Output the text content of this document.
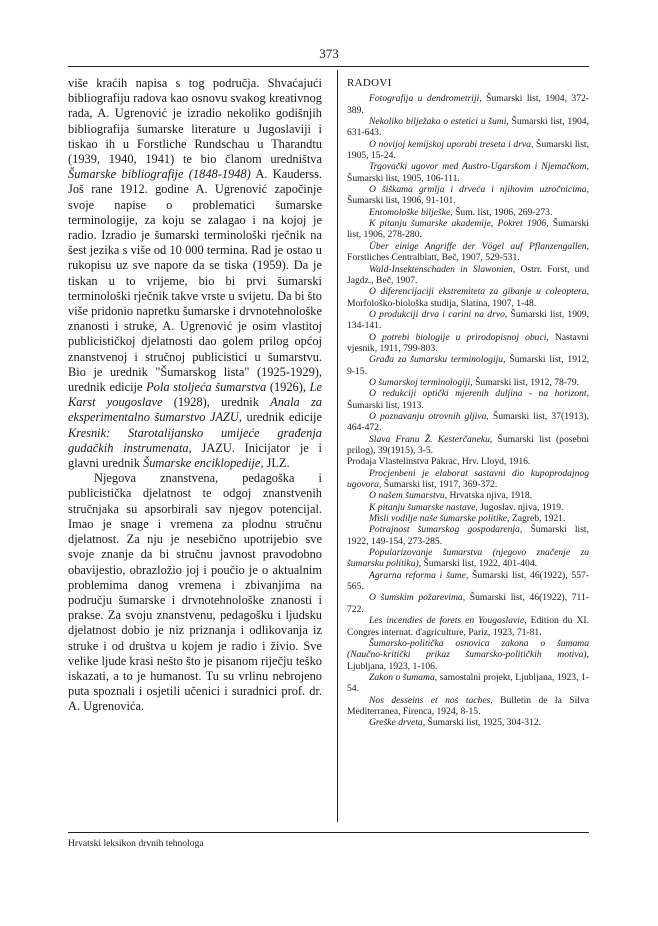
373

više kraćih napisa s tog područja. Shvaćajući bibliografiju radova kao osnovu svakog kreativnog rada, A. Ugrenović je izradio nekoliko godišnjih bibliografija šumarske literature u Jugoslaviji i tiskao ih u Forstliche Rundschau u Tharandtu (1939, 1940, 1941) te bio članom uredništva Šumarske bibliografije (1848-1948) A. Kauderss. Još rane 1912. godine A. Ugrenović započinje svoje napise o problematici šumarske terminologije, za koju se zalagao i na kojoj je radio. Izradio je šumarski terminološki rječnik na šest jezika s više od 10 000 termina. Rad je ostao u rukopisu uz sve napore da se tiska (1959). Da je tiskan u to vrijeme, bio bi prvi šumarski terminološki rječnik takve vrste u svijetu. Da bi što više pridonio napretku šumarske i drvnotehnološke znanosti i struke, A. Ugrenović je osim vlastitoj publicističkoj djelatnosti dao golem prilog općoj znanstvenoj i stručnoj publicistici u šumarstvu. Bio je urednik "Šumarskog lista" (1925-1929), urednik edicije Pola stoljeća šumarstva (1926), Le Karst yougoslave (1928), urednik Anala za eksperimentalno šumarstvo JAZU, urednik edicije Kresnik: Starotalijansko umijeće građenja gudačkih instrumenata, JAZU. Inicijator je i glavni urednik Šumarske enciklopedije, JLZ.

Njegova znanstvena, pedagoška i publicistička djelatnost te odgoj znanstvenih stručnjaka su apsorbirali sav njegov potencijal. Imao je snage i vremena za plodnu stručnu djelatnost. Za nju je nesebično upotrijebio sve svoje znanje da bi stručnu javnost pravodobno obavijestio, obrazložio joj i poučio je o aktualnim problemima danog vremena i zbivanjima na području šumarske i drvnotehnološke znanosti i prakse. Za svoju znanstvenu, pedagošku i ljudsku djelatnost dobio je niz priznanja i odlikovanja iz struke i od društva u kojem je radio i živio. Sve velike ljude krasi nešto što je pisanom riječju teško iskazati, a to je humanost. Tu su vrlinu nebrojeno puta spoznali i osjetili učenici i suradnici prof. dr. A. Ugrenovića.

RADOVI
Fotografija u dendrometriji, Šumarski list, 1904, 372-389.
Nekoliko bilježaka o estetici u šumi, Šumarski list, 1904, 631-643.
O novijoj kemijskoj uporabi treseta i drva, Šumarski list, 1905, 15-24.
Trgovački ugovor med Austro-Ugarskom i Njemačkom, Šumarski list, 1905, 106-111.
O šiškama grmlja i drveća i njihovim uzročnicima, Šumarski list, 1906, 91-101.
Entomološke bilješke, Šum. list, 1906, 269-273.
K pitanju šumarske akademije, Pokret 1906, Šumarski list, 1906, 278-280.
Über einige Angriffe der Vögel auf Pflanzengallen, Forstliches Centralblatt, Beč, 1907, 529-531.
Wald-Insektenschaden in Slawonien, Ostrr. Forst, und Jagdz., Beč, 1907.
O diferencijaciji ekstremiteta za gibanje u coleoptera, Morfološko-biološka studija, Slatina, 1907, 1-48.
O produkciji drva i carini na drvo, Šumarski list, 1909, 134-141.
O potrebi biologije u prirodopisnoj obuci, Nastavni vjesnik, 1911, 799-803.
Građa za šumarsku terminologiju, Šumarski list, 1912, 9-15.
O šumarskoj terminologiji, Šumarski list, 1912, 78-79.
O redukciji optički mjerenih duljina - na horizont, Šumarski list, 1913.
O poznavanju otrovnih gljiva, Šumarski list, 37(1913), 464-472.
Slava Franu Ž. Kesterčaneku, Šumarski list (posebni prilog), 39(1915), 3-5.
Prodaja Vlastelinstva Pakrac, Hrv. Lloyd, 1916.
Procjenbeni je elaborat sastavni dio kupoprodajnog ugovora, Šumarski list, 1917, 369-372.
O našem šumarstvu, Hrvatska njiva, 1918.
K pitanju šumarske nastave, Jugoslav. njiva, 1919.
Misli vodilje naše šumarske politike, Zagreb, 1921.
Potrajnost šumarskog gospodarenja, Šumarski list, 1922, 149-154, 273-285.
Popularizovanje šumarstva (njegovo značenje za šumarsku politiku), Šumarski list, 1922, 401-404.
Agrarna reforma i šume, Šumarski list, 46(1922), 557-565.
O šumskim požarevima, Šumarski list, 46(1922), 711-722.
Les incendies de forets en Yougoslavie, Edition du XI. Congres internat. d'agriculture, Pariz, 1923, 71-81.
Šumarsko-politička osnovica zakona o šumama (Naučno-kritički prikaz šumarsko-političkih motiva), Ljubljana, 1923, 1-106.
Zakon o šumama, samostalni projekt, Ljubljana, 1923, 1-54.
Nos desseins et nos taches, Bulletin de la Silva Mediterranea, Firenca, 1924, 8-15.
Greške drveta, Šumarski list, 1925, 304-312.
Hrvatski leksikon drvnih tehnologa
